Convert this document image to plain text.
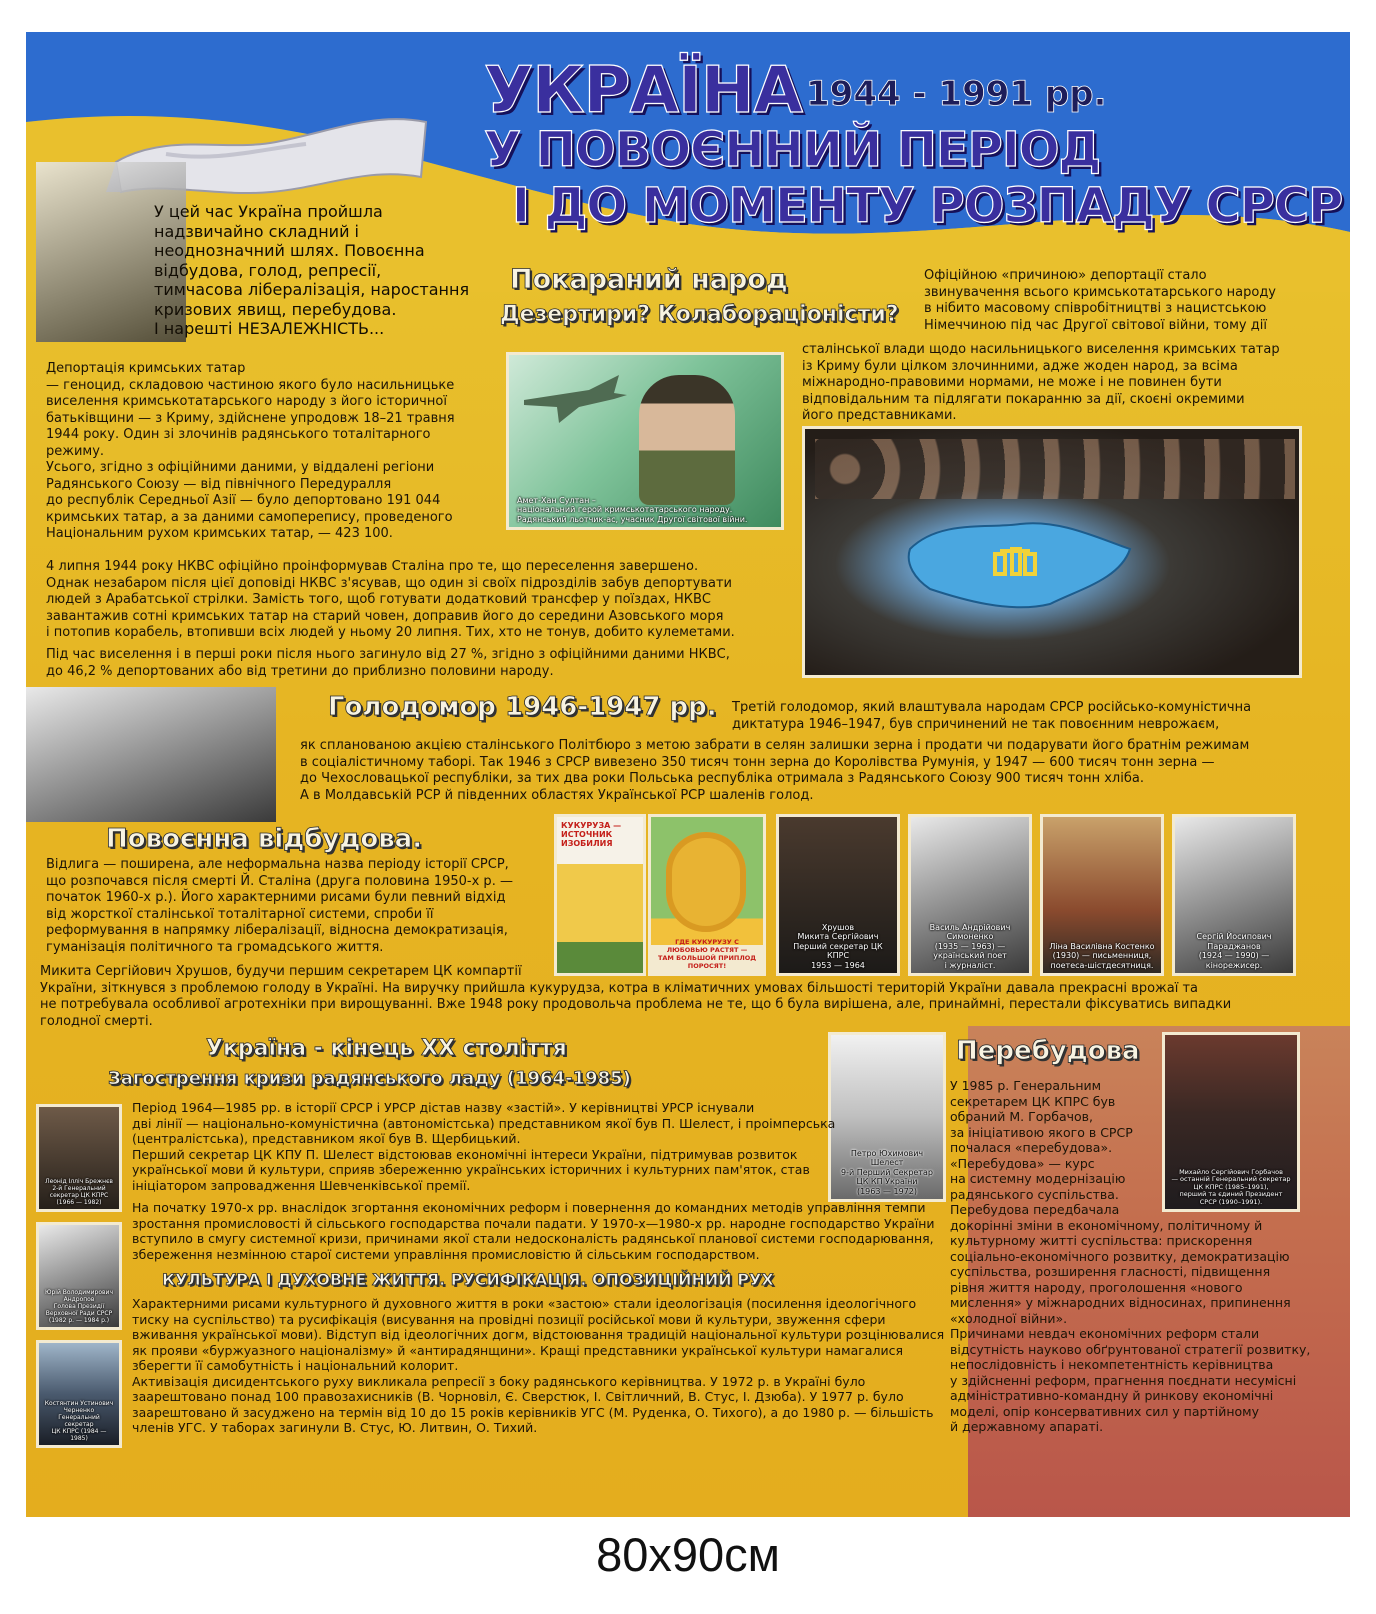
УКРАЇНА 1944 - 1991 рр.
У ПОВОЄННИЙ ПЕРІОД
І ДО МОМЕНТУ РОЗПАДУ СРСР
У цей час Україна пройшла
надзвичайно складний і
неоднозначний шлях. Повоєнна
відбудова, голод, репресії,
тимчасова лібералізація, наростання
кризових явищ, перебудова.
І нарешті НЕЗАЛЕЖНІСТЬ...
Покараний народ
Дезертири? Колабораціоністи?
Офіційною «причиною» депортації стало
звинувачення всього кримськотатарського народу
в нібито масовому співробітництві з нацистською
Німеччиною під час Другої світової війни, тому дії
сталінської влади щодо насильницького виселення кримських татар
із Криму були цілком злочинними, адже жоден народ, за всіма
міжнародно-правовими нормами, не може і не повинен бути
відповідальним та підлягати покаранню за дії, скоєні окремими
його представниками.
Депортація кримських татар
— геноцид, складовою частиною якого було насильницьке
виселення кримськотатарського народу з його історичної
батьківщини — з Криму, здійснене упродовж 18–21 травня
1944 року. Один зі злочинів радянського тоталітарного
режиму.
Усього, згідно з офіційними даними, у віддалені регіони
Радянського Союзу — від північного Передуралля
до республік Середньої Азії — було депортовано 191 044
кримських татар, а за даними самоперепису, проведеного
Національним рухом кримських татар, — 423 100.
4 липня 1944 року НКВС офіційно проінформував Сталіна про те, що переселення завершено.
Однак незабаром після цієї доповіді НКВС з'ясував, що один зі своїх підрозділів забув депортувати
людей з Арабатської стрілки. Замість того, щоб готувати додатковий трансфер у поїздах, НКВС
завантажив сотні кримських татар на старий човен, доправив його до середини Азовського моря
і потопив корабель, втопивши всіх людей у ньому 20 липня. Тих, хто не тонув, добито кулеметами.
Під час виселення і в перші роки після нього загинуло від 27 %, згідно з офіційними даними НКВС,
до 46,2 % депортованих або від третини до приблизно половини народу.
Амет-Хан Султан –
національний герой кримськотатарського народу.
Радянський льотчик-ас, учасник Другої світової війни.
Голодомор 1946-1947 рр. Третій голодомор, який влаштувала народам СРСР російсько-комуністична
диктатура 1946–1947, був спричинений не так повоєнним неврожаєм,
як спланованою акцією сталінського Політбюро з метою забрати в селян залишки зерна і продати чи подарувати його братнім режимам
в соціалістичному таборі. Так 1946 з СРСР вивезено 350 тисяч тонн зерна до Королівства Румунія, у 1947 — 600 тисяч тонн зерна —
до Чехословацької республіки, за тих два роки Польська республіка отримала з Радянського Союзу 900 тисяч тонн хліба.
А в Молдавській РСР й південних областях Української РСР шаленів голод.
Повоєнна відбудова.
Відлига — поширена, але неформальна назва періоду історії СРСР,
що розпочався після смерті Й. Сталіна (друга половина 1950-х р. —
початок 1960-х р.). Його характерними рисами були певний відхід
від жорсткої сталінської тоталітарної системи, спроби її
реформування в напрямку лібералізації, відносна демократизація,
гуманізація політичного та громадського життя.
Микита Сергійович Хрушов, будучи першим секретарем ЦК компартії
України, зіткнувся з проблемою голоду в Україні. На виручку прийшла кукурудза, котра в кліматичних умовах більшості територій України давала прекрасні врожаї та
не потребувала особливої агротехніки при вирощуванні. Вже 1948 року продовольча проблема не те, що б була вирішена, але, принаймні, перестали фіксуватись випадки
голодної смерті.
КУКУРУЗА —
ИСТОЧНИК
ИЗОБИЛИЯ
ГДЕ КУКУРУЗУ С ЛЮБОВЬЮ РАСТЯТ —
ТАМ БОЛЬШОЙ ПРИПЛОД ПОРОСЯТ!
Хрушов
Микита Сергійович
Перший секретар ЦК КПРС
1953 — 1964
Василь Андрійович
Симоненко
(1935 — 1963) —
український поет
і журналіст.
Ліна Василівна Костенко
(1930) — письменниця,
поетеса-шістдесятниця.
Сергій Йосипович
Параджанов
(1924 — 1990) —
кінорежисер.
Україна - кінець XX століття
Загострення кризи радянського ладу (1964-1985)
Петро Юхимович
Шелест
9-й Перший Секретар
ЦК КП України
(1963 — 1972)
Леонід Ілліч Брежнєв
2-й Генеральний
секретар ЦК КПРС
(1966 — 1982)
Юрій Володимирович
Андропов
Голова Президії
Верховної Ради СРСР
(1982 р. — 1984 р.)
Костянтин Устинович
Черненко
Генеральний секретар
ЦК КПРС (1984 — 1985)
Період 1964—1985 рр. в історії СРСР і УРСР дістав назву «застій». У керівництві УРСР існували
дві лінії — національно-комуністична (автономістська) представником якої був П. Шелест, і проімперська
(централістська), представником якої був В. Щербицький.
Перший секретар ЦК КПУ П. Шелест відстоював економічні інтереси України, підтримував розвиток
української мови й культури, сприяв збереженню українських історичних і культурних пам'яток, став
ініціатором запровадження Шевченківської премії.
На початку 1970-х рр. внаслідок згортання економічних реформ і повернення до командних методів управління темпи
зростання промисловості й сільського господарства почали падати. У 1970-х—1980-х рр. народне господарство України
вступило в смугу системної кризи, причинами якої стали недосконалість радянської планової системи господарювання,
збереження незмінною старої системи управління промисловістю й сільським господарством.
КУЛЬТУРА І ДУХОВНЕ ЖИТТЯ. РУСИФІКАЦІЯ. ОПОЗИЦІЙНИЙ РУХ
Характерними рисами культурного й духовного життя в роки «застою» стали ідеологізація (посилення ідеологічного
тиску на суспільство) та русифікація (висування на провідні позиції російської мови й культури, звуження сфери
вживання української мови). Відступ від ідеологічних догм, відстоювання традицій національної культури розцінювалися
як прояви «буржуазного націоналізму» й «антирадянщини». Кращі представники української культури намагалися
зберегти її самобутність і національний колорит.
Активізація дисидентського руху викликала репресії з боку радянського керівництва. У 1972 р. в Україні було
заарештовано понад 100 правозахисників (В. Чорновіл, Є. Сверстюк, І. Світличний, В. Стус, І. Дзюба). У 1977 р. було
заарештовано й засуджено на термін від 10 до 15 років керівників УГС (М. Руденка, О. Тихого), а до 1980 р. — більшість
членів УГС. У таборах загинули В. Стус, Ю. Литвин, О. Тихий.
Перебудова
У 1985 р. Генеральним
секретарем ЦК КПРС був
обраний М. Горбачов,
за ініціативою якого в СРСР
почалася «перебудова».
«Перебудова» — курс
на системну модернізацію
радянського суспільства.
Перебудова передбачала
докорінні зміни в економічному, політичному й
культурному житті суспільства: прискорення
соціально-економічного розвитку, демократизацію
суспільства, розширення гласності, підвищення
рівня життя народу, проголошення «нового
мислення» у міжнародних відносинах, припинення
«холодної війни».
Причинами невдач економічних реформ стали
відсутність науково обґрунтованої стратегії розвитку,
непослідовність і некомпетентність керівництва
у здійсненні реформ, прагнення поєднати несумісні
адміністративно-командну й ринкову економічні
моделі, опір консервативних сил у партійному
й державному апараті.
Михайло Сергійович Горбачов
— останній Генеральний секретар
ЦК КПРС (1985–1991),
перший та єдиний Президент
СРСР (1990–1991).
80x90см
